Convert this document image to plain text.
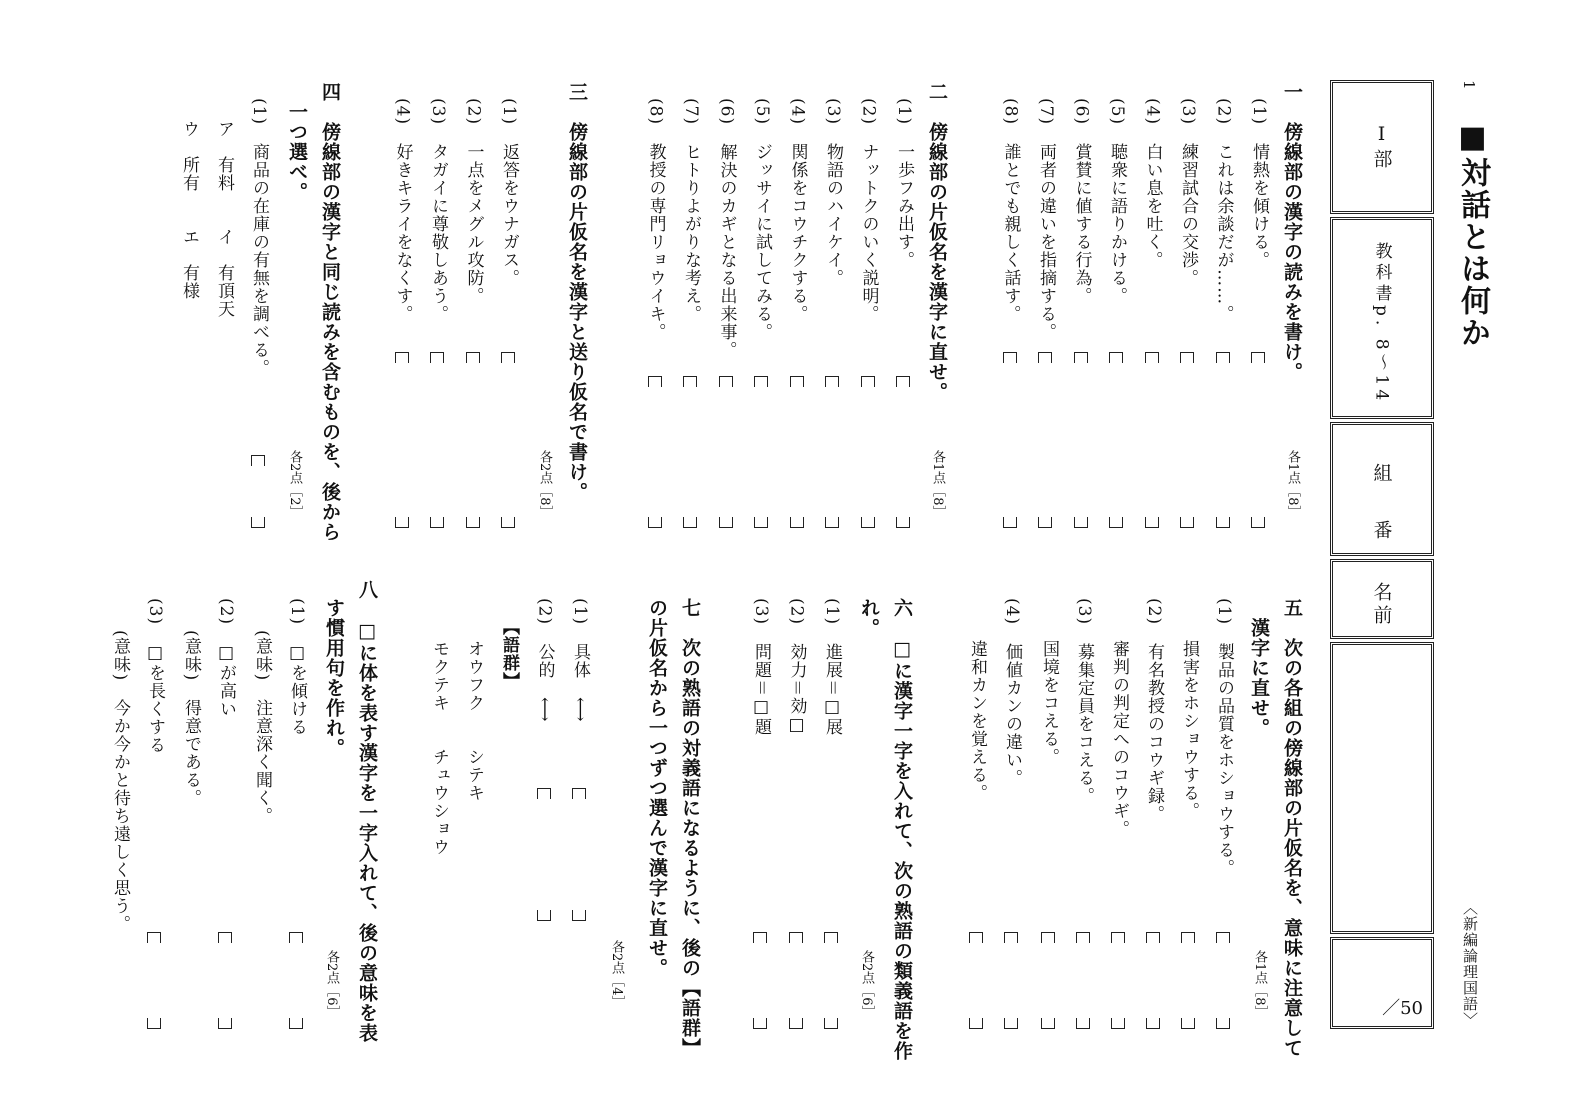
1
■対話とは何か
〈新編論理国語〉
Ⅰ部
教科書p. 8～14
組
番
名前
／50
一　傍線部の漢字の読みを書け。
各1点［8］
二　傍線部の片仮名を漢字に直せ。
各1点［8］
三　傍線部の片仮名を漢字と送り仮名で書け。
各2点［8］
四　傍線部の漢字と同じ読みを含むものを、後から
一つ選べ。
各2点［2］
(1)　商品の在庫の有無を調べる。
ア　有料　　イ　有頂天
ウ　所有　　エ　有様
五　次の各組の傍線部の片仮名を、意味に注意して
漢字に直せ。
各1点［8］
六　□に漢字一字を入れて、次の熟語の類義語を作
れ。
各2点［6］
七　次の熟語の対義語になるように、後の【語群】
の片仮名から一つずつ選んで漢字に直せ。
各2点［4］
【語群】
オウフク　　シテキ
モクテキ　　チュウショウ
八　□に体を表す漢字を一字入れて、後の意味を表
す慣用句を作れ。
各2点［6］
(1)　情熱を傾ける。
(2)　これは余談だが……。
(3)　練習試合の交渉。
(4)　白い息を吐く。
(5)　聴衆に語りかける。
(6)　賞賛に値する行為。
(7)　両者の違いを指摘する。
(8)　誰とでも親しく話す。
(1)　一歩フみ出す。
(2)　ナットクのいく説明。
(3)　物語のハイケイ。
(4)　関係をコウチクする。
(5)　ジッサイに試してみる。
(6)　解決のカギとなる出来事。
(7)　ヒトりよがりな考え。
(8)　教授の専門リョウイキ。
(1)　返答をウナガス。
(2)　一点をメグル攻防。
(3)　タガイに尊敬しあう。
(4)　好きキライをなくす。
(1)　製品の品質をホショウする。
損害をホショウする。
(2)　有名教授のコウギ録。
審判の判定へのコウギ。
(3)　募集定員をコえる。
国境をコえる。
(4)　価値カンの違い。
違和カンを覚える。
(1)　進展＝□展
(2)　効力＝効□
(3)　問題＝□題
(1)　具体　⟷
(2)　公的　⟷
(1)　□を傾ける
(意味)　注意深く聞く。
(2)　□が高い
(意味)　得意である。
(3)　□を長くする
(意味)　今か今かと待ち遠しく思う。
